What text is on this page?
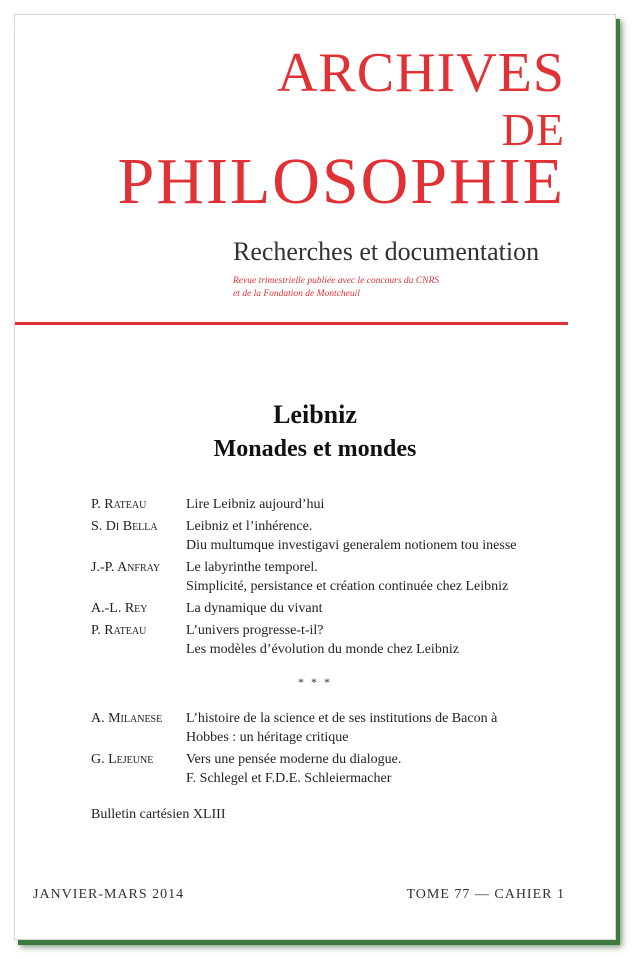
ARCHIVES
DE
PHILOSOPHIE
Recherches et documentation
Revue trimestrielle publiée avec le concours du CNRS
et de la Fondation de Montcheuil
Leibniz
Monades et mondes
P. Rateau	Lire Leibniz aujourd’hui
S. Di Bella	Leibniz et l’inhérence.
Diu multumque investigavi generalem notionem tou inesse
J.-P. Anfray	Le labyrinthe temporel.
Simplicité, persistance et création continuée chez Leibniz
A.-L. Rey	La dynamique du vivant
P. Rateau	L’univers progresse-t-il?
Les modèles d’évolution du monde chez Leibniz
* * *
A. Milanese	L’histoire de la science et de ses institutions de Bacon à
Hobbes : un héritage critique
G. Lejeune	Vers une pensée moderne du dialogue.
F. Schlegel et F.D.E. Schleiermacher
Bulletin cartésien XLIII
JANVIER-MARS 2014	TOME 77 — CAHIER 1
